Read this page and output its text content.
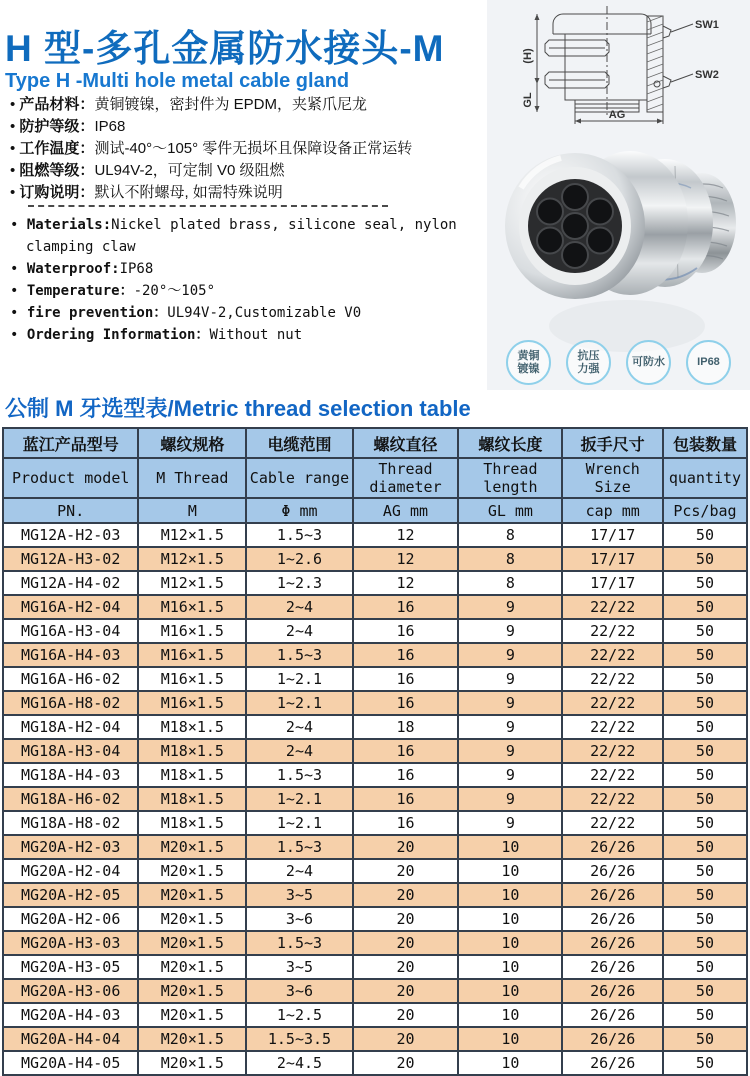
H 型-多孔金属防水接头-M
Type H -Multi hole metal cable gland
• 产品材料：黄铜镀镍，密封件为 EPDM，夹紧爪尼龙
• 防护等级：IP68
• 工作温度：测试-40°～105° 零件无损坏且保障设备正常运转
• 阻燃等级：UL94V-2，可定制 V0 级阻燃
• 订购说明：默认不附螺母, 如需特殊说明
• Materials:Nickel plated brass, silicone seal, nylon clamping claw
• Waterproof:IP68
• Temperature：-20°～105°
• fire prevention：UL94V-2,Customizable V0
• Ordering Information：Without nut
(H)
GL
AG
SW1
SW2
黄铜
镀镍
抗压
力强
可防水	IP68
公制 M 牙选型表/Metric thread selection table
蓝江产品型号	螺纹规格	电缆范围	螺纹直径	螺纹长度	扳手尺寸	包装数量
Product model	M Thread	Cable range	Thread diameter	Thread length	Wrench Size	quantity
PN.	M	Φ mm	AG mm	GL mm	cap mm	Pcs/bag
MG12A-H2-03	M12×1.5	1.5~3	12	8	17/17	50
MG12A-H3-02	M12×1.5	1~2.6	12	8	17/17	50
MG12A-H4-02	M12×1.5	1~2.3	12	8	17/17	50
MG16A-H2-04	M16×1.5	2~4	16	9	22/22	50
MG16A-H3-04	M16×1.5	2~4	16	9	22/22	50
MG16A-H4-03	M16×1.5	1.5~3	16	9	22/22	50
MG16A-H6-02	M16×1.5	1~2.1	16	9	22/22	50
MG16A-H8-02	M16×1.5	1~2.1	16	9	22/22	50
MG18A-H2-04	M18×1.5	2~4	18	9	22/22	50
MG18A-H3-04	M18×1.5	2~4	16	9	22/22	50
MG18A-H4-03	M18×1.5	1.5~3	16	9	22/22	50
MG18A-H6-02	M18×1.5	1~2.1	16	9	22/22	50
MG18A-H8-02	M18×1.5	1~2.1	16	9	22/22	50
MG20A-H2-03	M20×1.5	1.5~3	20	10	26/26	50
MG20A-H2-04	M20×1.5	2~4	20	10	26/26	50
MG20A-H2-05	M20×1.5	3~5	20	10	26/26	50
MG20A-H2-06	M20×1.5	3~6	20	10	26/26	50
MG20A-H3-03	M20×1.5	1.5~3	20	10	26/26	50
MG20A-H3-05	M20×1.5	3~5	20	10	26/26	50
MG20A-H3-06	M20×1.5	3~6	20	10	26/26	50
MG20A-H4-03	M20×1.5	1~2.5	20	10	26/26	50
MG20A-H4-04	M20×1.5	1.5~3.5	20	10	26/26	50
MG20A-H4-05	M20×1.5	2~4.5	20	10	26/26	50
